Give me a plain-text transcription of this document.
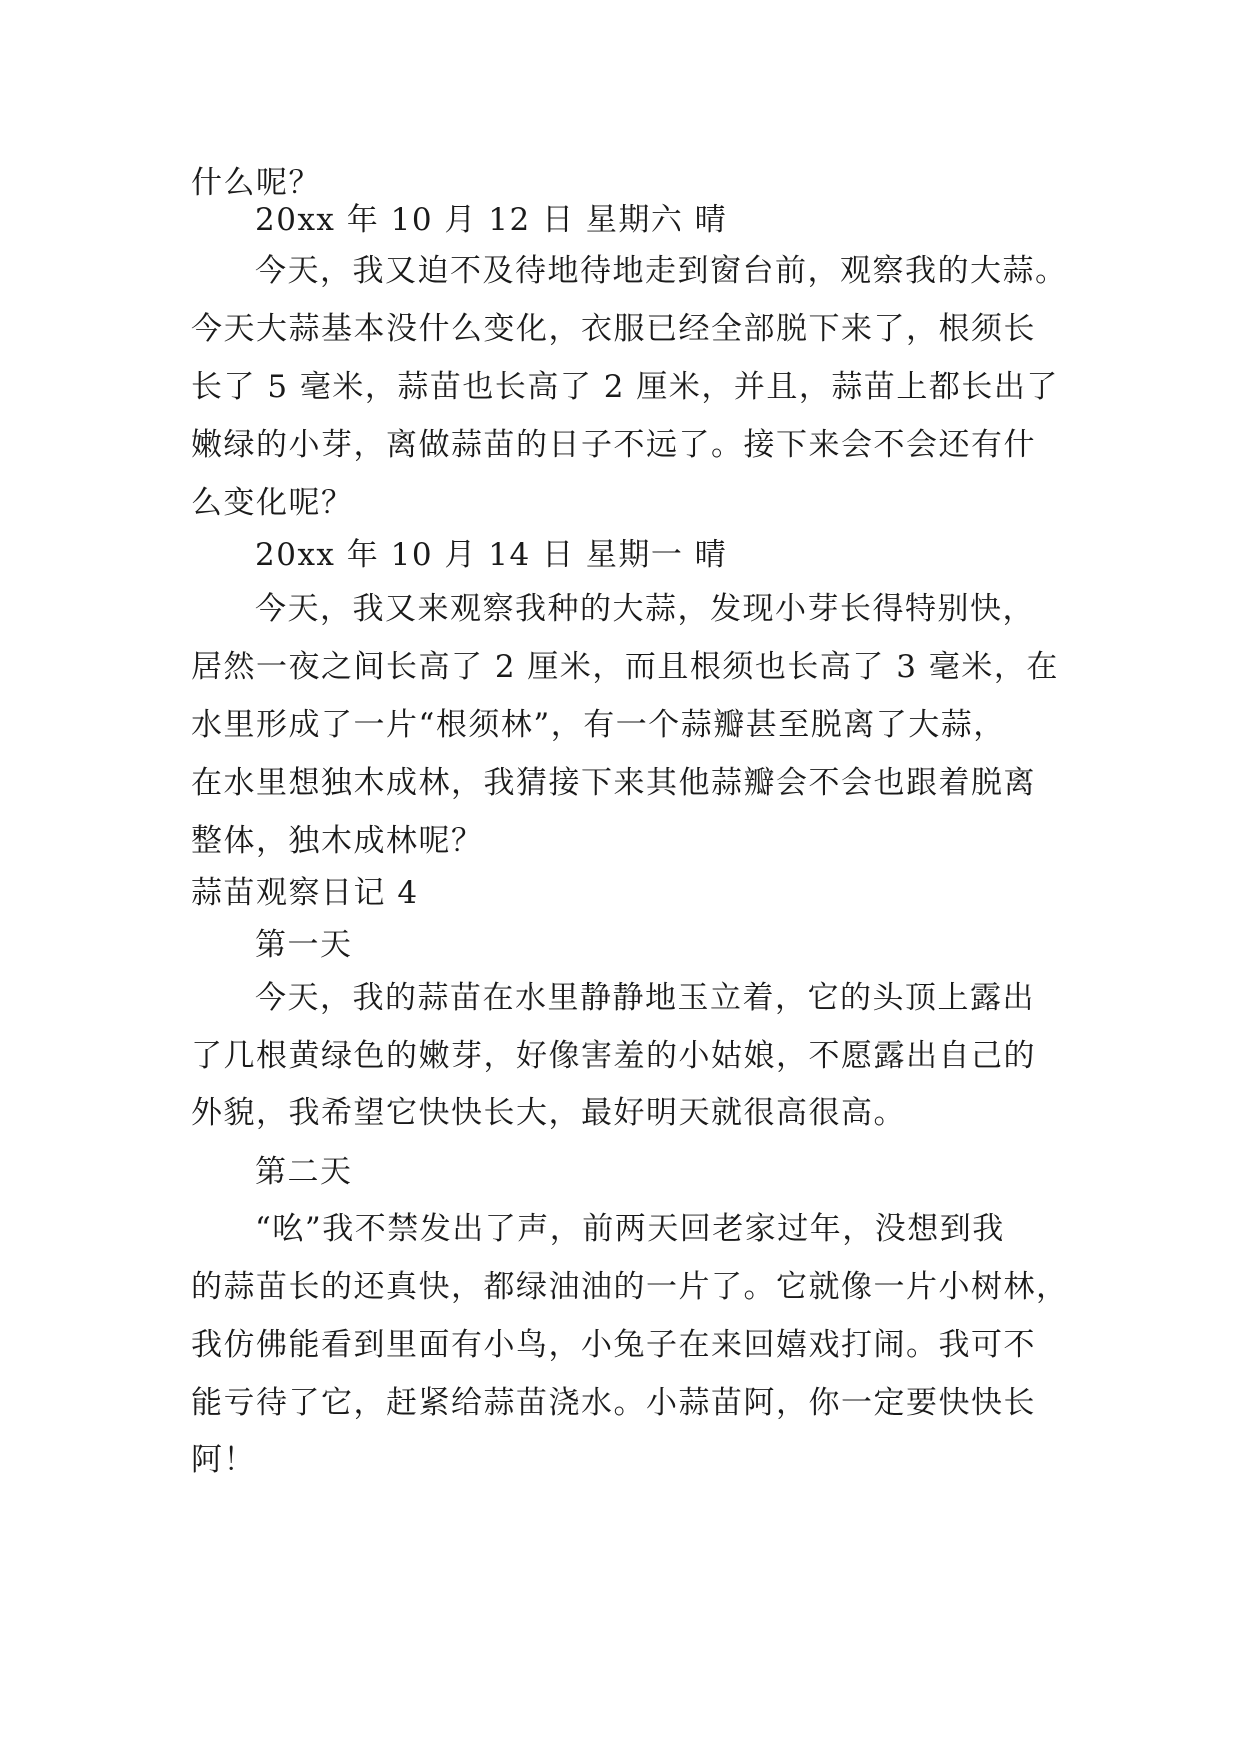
什么呢？
20xx 年 10 月 12 日 星期六 晴
今天，我又迫不及待地待地走到窗台前，观察我的大蒜。
今天大蒜基本没什么变化，衣服已经全部脱下来了，根须长
长了 5 毫米，蒜苗也长高了 2 厘米，并且，蒜苗上都长出了
嫩绿的小芽，离做蒜苗的日子不远了。接下来会不会还有什
么变化呢？
20xx 年 10 月 14 日 星期一 晴
今天，我又来观察我种的大蒜，发现小芽长得特别快，
居然一夜之间长高了 2 厘米，而且根须也长高了 3 毫米，在
水里形成了一片“根须林”，有一个蒜瓣甚至脱离了大蒜，
在水里想独木成林，我猜接下来其他蒜瓣会不会也跟着脱离
整体，独木成林呢？
蒜苗观察日记 4
第一天
今天，我的蒜苗在水里静静地玉立着，它的头顶上露出
了几根黄绿色的嫩芽，好像害羞的小姑娘，不愿露出自己的
外貌，我希望它快快长大，最好明天就很高很高。
第二天
“吆”我不禁发出了声，前两天回老家过年，没想到我
的蒜苗长的还真快，都绿油油的一片了。它就像一片小树林，
我仿佛能看到里面有小鸟，小兔子在来回嬉戏打闹。我可不
能亏待了它，赶紧给蒜苗浇水。小蒜苗阿，你一定要快快长
阿！
